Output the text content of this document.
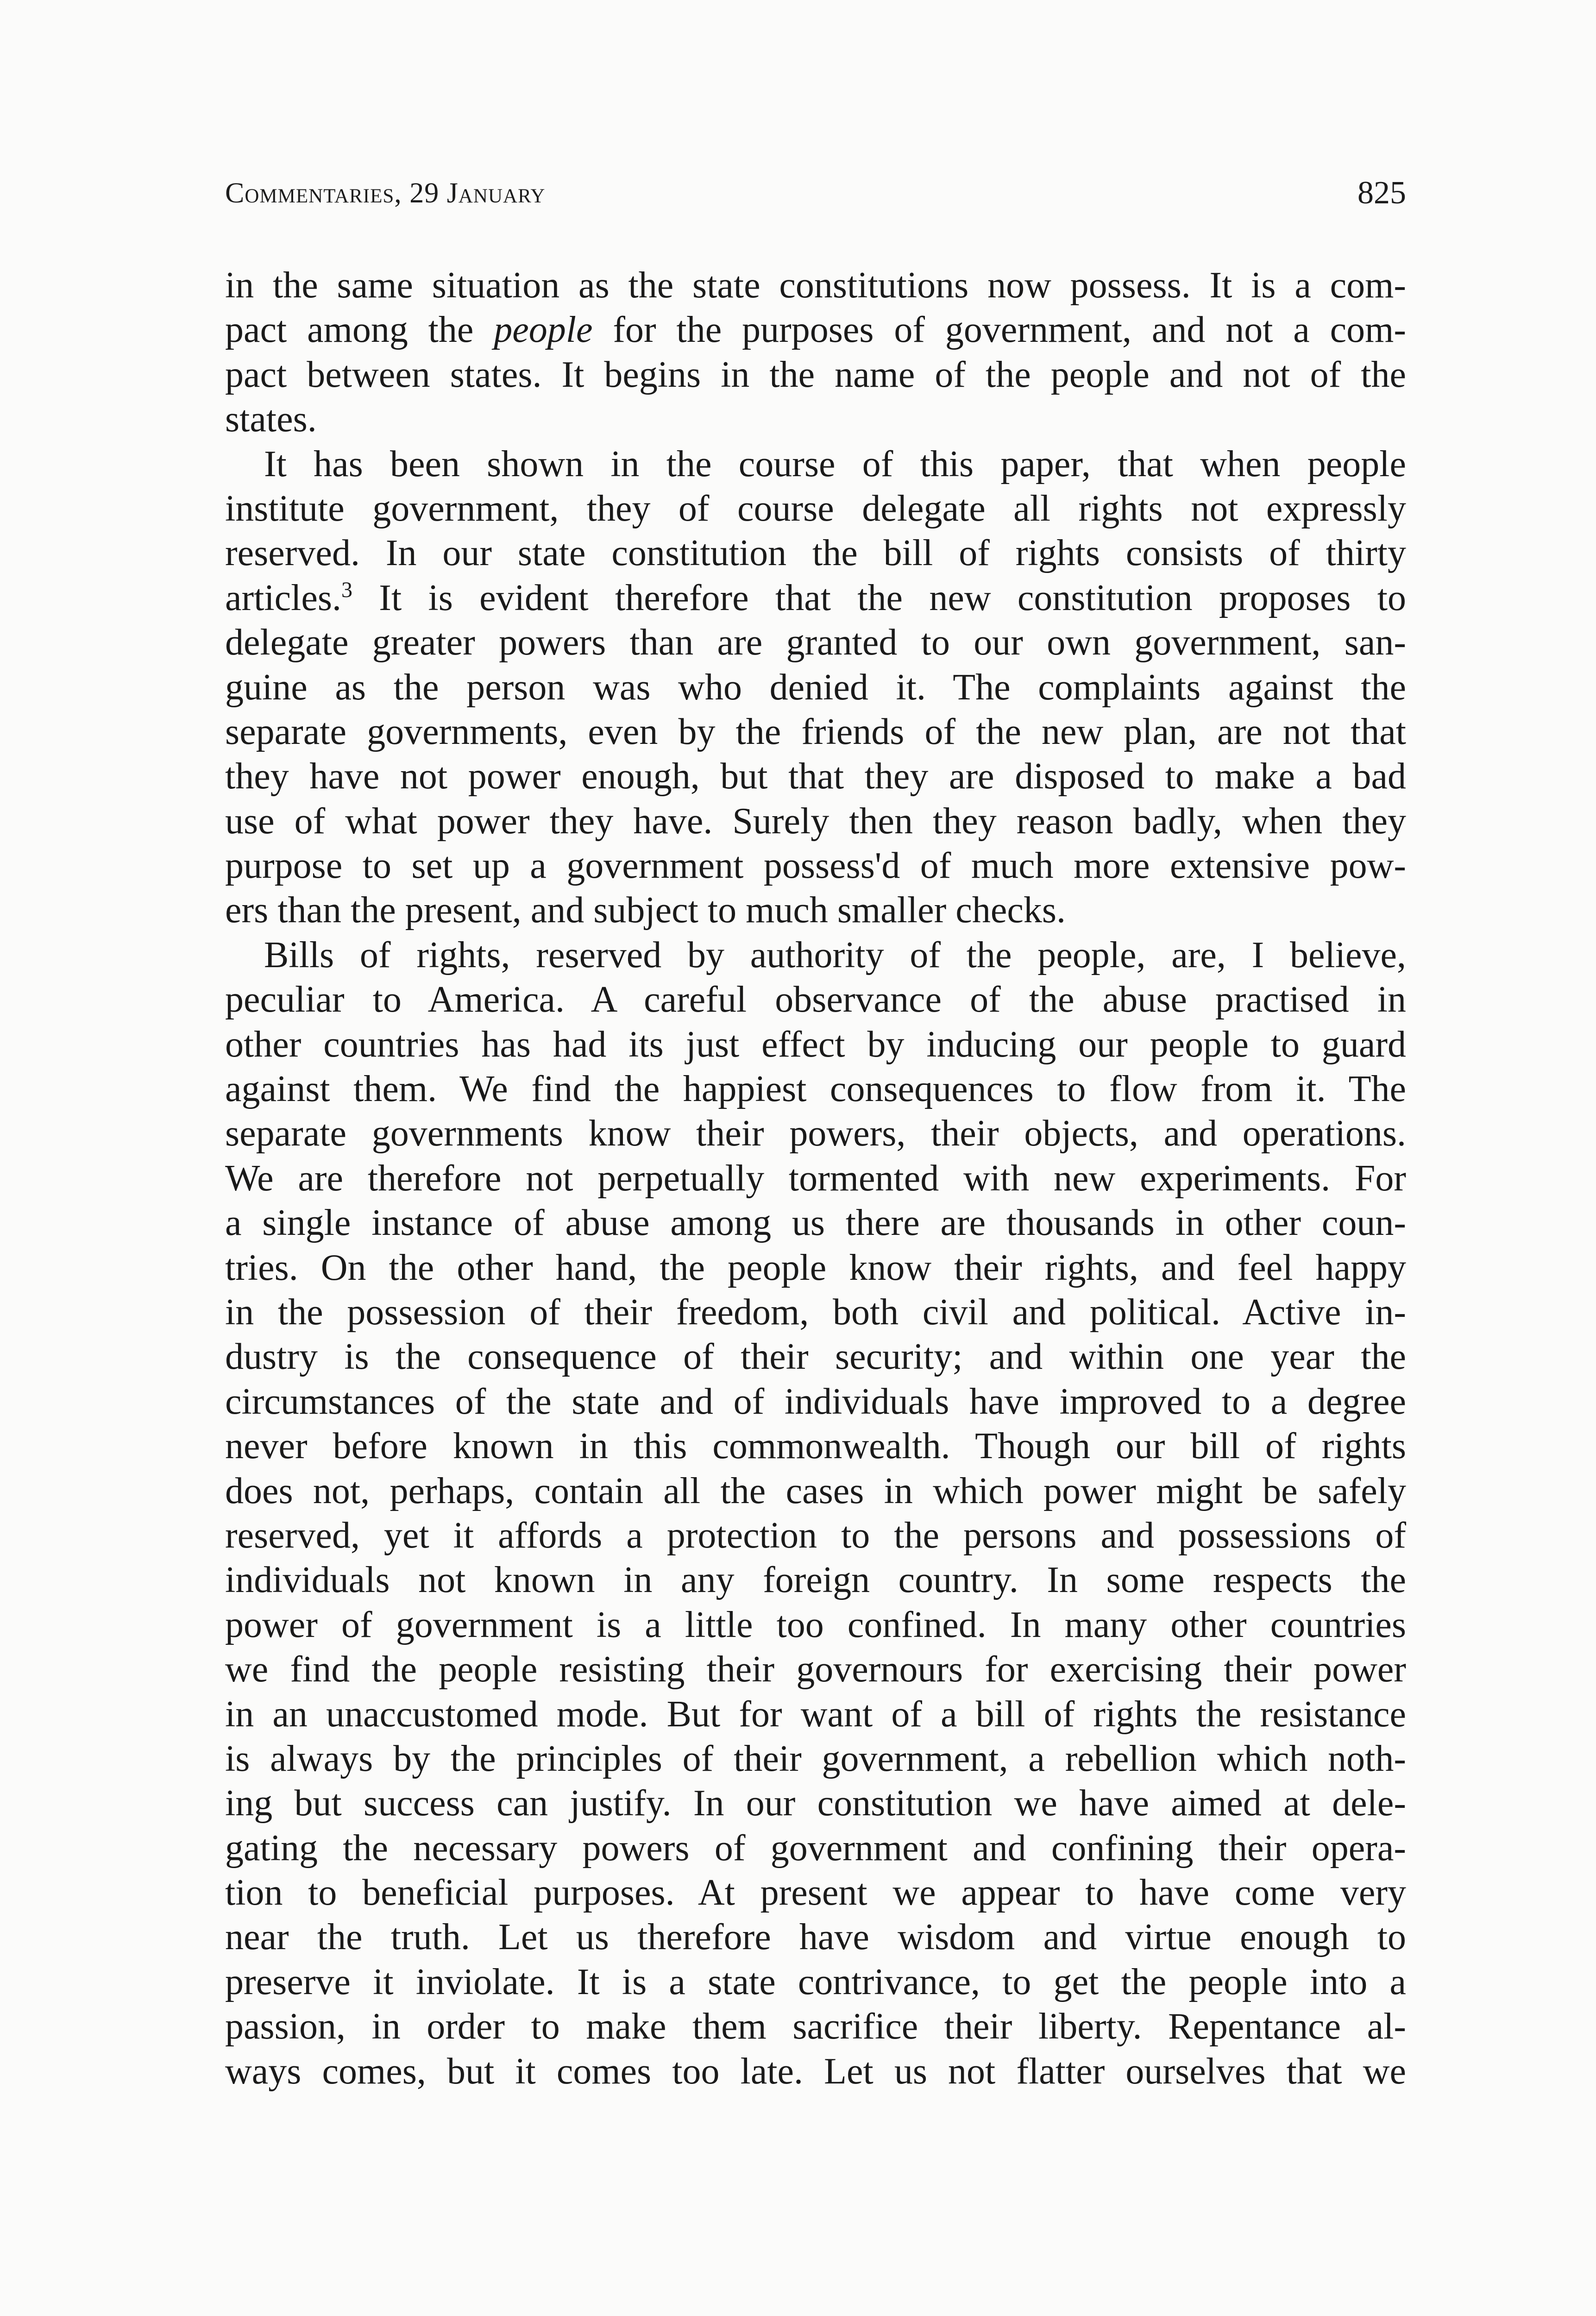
Commentaries, 29 January	825
in the same situation as the state constitutions now possess. It is a com-
pact among the people for the purposes of government, and not a com-
pact between states. It begins in the name of the people and not of the
states.
It has been shown in the course of this paper, that when people
institute government, they of course delegate all rights not expressly
reserved. In our state constitution the bill of rights consists of thirty
articles.$^3$ It is evident therefore that the new constitution proposes to
delegate greater powers than are granted to our own government, san-
guine as the person was who denied it. The complaints against the
separate governments, even by the friends of the new plan, are not that
they have not power enough, but that they are disposed to make a bad
use of what power they have. Surely then they reason badly, when they
purpose to set up a government possess'd of much more extensive pow-
ers than the present, and subject to much smaller checks.
Bills of rights, reserved by authority of the people, are, I believe,
peculiar to America. A careful observance of the abuse practised in
other countries has had its just effect by inducing our people to guard
against them. We find the happiest consequences to flow from it. The
separate governments know their powers, their objects, and operations.
We are therefore not perpetually tormented with new experiments. For
a single instance of abuse among us there are thousands in other coun-
tries. On the other hand, the people know their rights, and feel happy
in the possession of their freedom, both civil and political. Active in-
dustry is the consequence of their security; and within one year the
circumstances of the state and of individuals have improved to a degree
never before known in this commonwealth. Though our bill of rights
does not, perhaps, contain all the cases in which power might be safely
reserved, yet it affords a protection to the persons and possessions of
individuals not known in any foreign country. In some respects the
power of government is a little too confined. In many other countries
we find the people resisting their governours for exercising their power
in an unaccustomed mode. But for want of a bill of rights the resistance
is always by the principles of their government, a rebellion which noth-
ing but success can justify. In our constitution we have aimed at dele-
gating the necessary powers of government and confining their opera-
tion to beneficial purposes. At present we appear to have come very
near the truth. Let us therefore have wisdom and virtue enough to
preserve it inviolate. It is a state contrivance, to get the people into a
passion, in order to make them sacrifice their liberty. Repentance al-
ways comes, but it comes too late. Let us not flatter ourselves that we
